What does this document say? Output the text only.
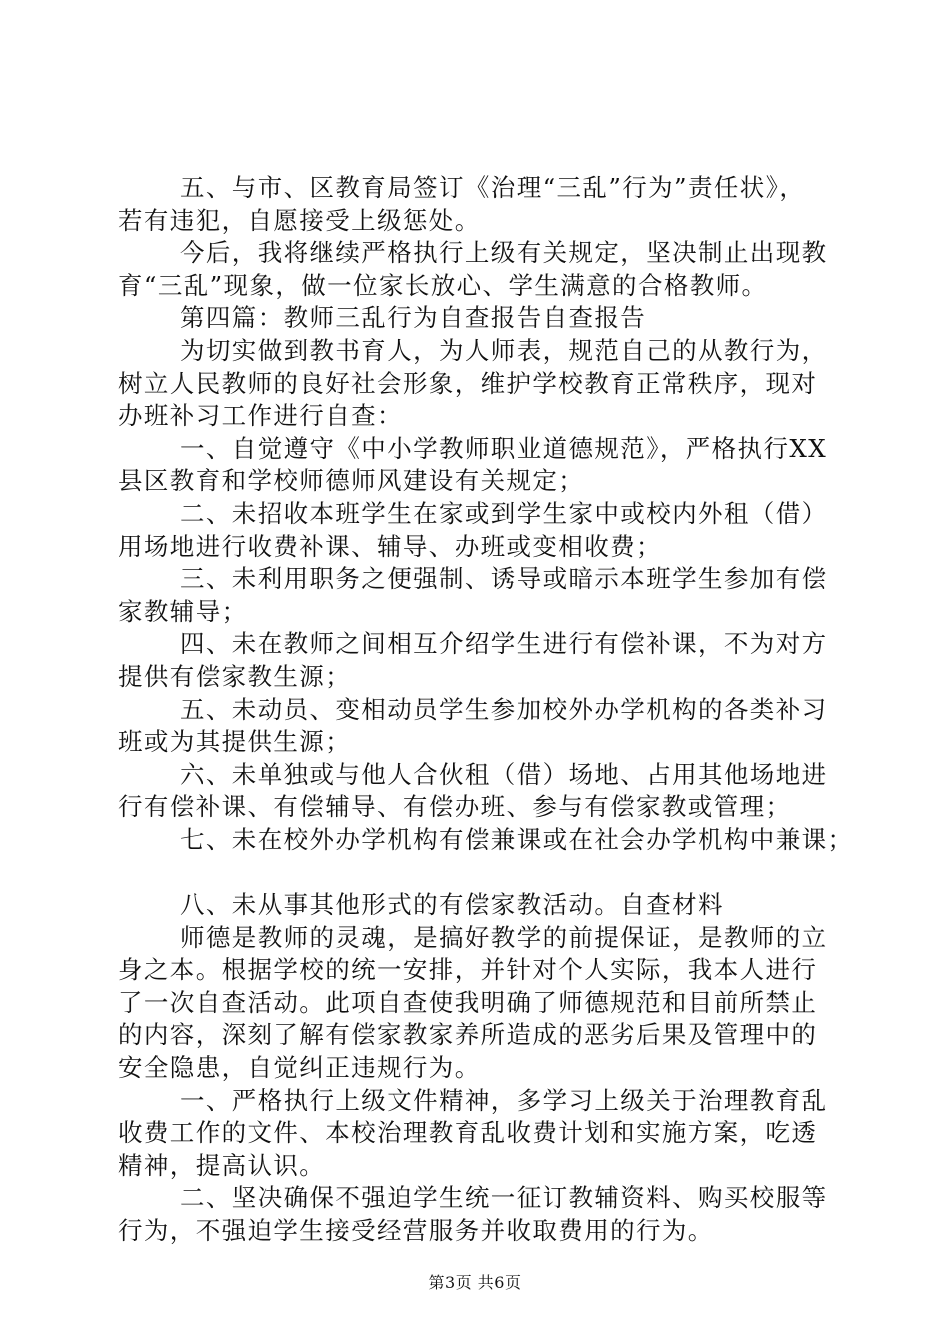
五、与市、区教育局签订《治理“三乱”行为”责任状》，
若有违犯，自愿接受上级惩处。
今后，我将继续严格执行上级有关规定，坚决制止出现教
育“三乱”现象，做一位家长放心、学生满意的合格教师。
第四篇：教师三乱行为自查报告自查报告
为切实做到教书育人，为人师表，规范自己的从教行为，
树立人民教师的良好社会形象，维护学校教育正常秩序，现对
办班补习工作进行自查：
一、自觉遵守《中小学教师职业道德规范》，严格执行XX
县区教育和学校师德师风建设有关规定；
二、未招收本班学生在家或到学生家中或校内外租（借）
用场地进行收费补课、辅导、办班或变相收费；
三、未利用职务之便强制、诱导或暗示本班学生参加有偿
家教辅导；
四、未在教师之间相互介绍学生进行有偿补课，不为对方
提供有偿家教生源；
五、未动员、变相动员学生参加校外办学机构的各类补习
班或为其提供生源；
六、未单独或与他人合伙租（借）场地、占用其他场地进
行有偿补课、有偿辅导、有偿办班、参与有偿家教或管理；
七、未在校外办学机构有偿兼课或在社会办学机构中兼课；
八、未从事其他形式的有偿家教活动。自查材料
师德是教师的灵魂，是搞好教学的前提保证，是教师的立
身之本。根据学校的统一安排，并针对个人实际，我本人进行
了一次自查活动。此项自查使我明确了师德规范和目前所禁止
的内容，深刻了解有偿家教家养所造成的恶劣后果及管理中的
安全隐患，自觉纠正违规行为。
一、严格执行上级文件精神，多学习上级关于治理教育乱
收费工作的文件、本校治理教育乱收费计划和实施方案，吃透
精神，提高认识。
二、坚决确保不强迫学生统一征订教辅资料、购买校服等
行为，不强迫学生接受经营服务并收取费用的行为。
第3页 共6页
